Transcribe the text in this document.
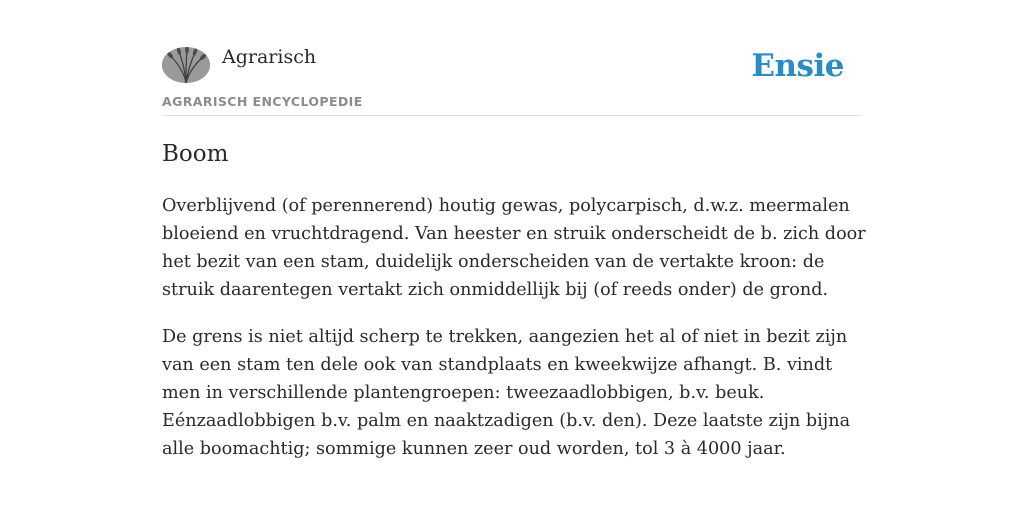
Agrarisch
AGRARISCH ENCYCLOPEDIE
Ensie
Boom

Overblijvend (of perennerend) houtig gewas, polycarpisch, d.w.z. meermalen bloeiend en vruchtdragend. Van heester en struik onderscheidt de b. zich door het bezit van een stam, duidelijk onderscheiden van de vertakte kroon: de struik daarentegen vertakt zich onmiddellijk bij (of reeds onder) de grond.

De grens is niet altijd scherp te trekken, aangezien het al of niet in bezit zijn van een stam ten dele ook van standplaats en kweekwijze afhangt. B. vindt men in verschillende plantengroepen: tweezaadlobbigen, b.v. beuk. Eénzaadlobbigen b.v. palm en naaktzadigen (b.v. den). Deze laatste zijn bijna alle boomachtig; sommige kunnen zeer oud worden, tol 3 à 4000 jaar.
